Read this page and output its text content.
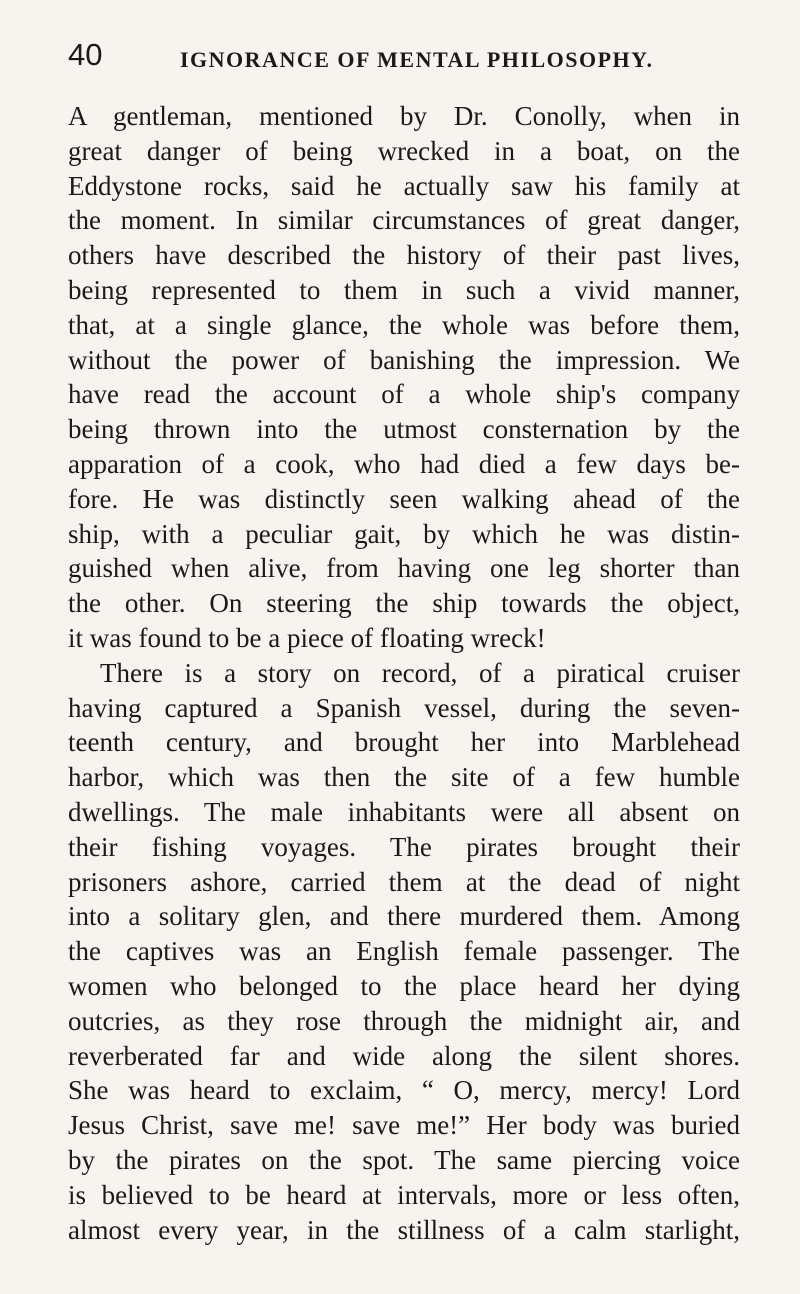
40	IGNORANCE OF MENTAL PHILOSOPHY.
A gentleman, mentioned by Dr. Conolly, when in
great danger of being wrecked in a boat, on the
Eddystone rocks, said he actually saw his family at
the moment. In similar circumstances of great danger,
others have described the history of their past lives,
being represented to them in such a vivid manner,
that, at a single glance, the whole was before them,
without the power of banishing the impression. We
have read the account of a whole ship's company
being thrown into the utmost consternation by the
apparation of a cook, who had died a few days be-
fore. He was distinctly seen walking ahead of the
ship, with a peculiar gait, by which he was distin-
guished when alive, from having one leg shorter than
the other. On steering the ship towards the object,
it was found to be a piece of floating wreck!
There is a story on record, of a piratical cruiser
having captured a Spanish vessel, during the seven-
teenth century, and brought her into Marblehead
harbor, which was then the site of a few humble
dwellings. The male inhabitants were all absent on
their fishing voyages. The pirates brought their
prisoners ashore, carried them at the dead of night
into a solitary glen, and there murdered them. Among
the captives was an English female passenger. The
women who belonged to the place heard her dying
outcries, as they rose through the midnight air, and
reverberated far and wide along the silent shores.
She was heard to exclaim, “ O, mercy, mercy! Lord
Jesus Christ, save me! save me!” Her body was buried
by the pirates on the spot. The same piercing voice
is believed to be heard at intervals, more or less often,
almost every year, in the stillness of a calm starlight,
